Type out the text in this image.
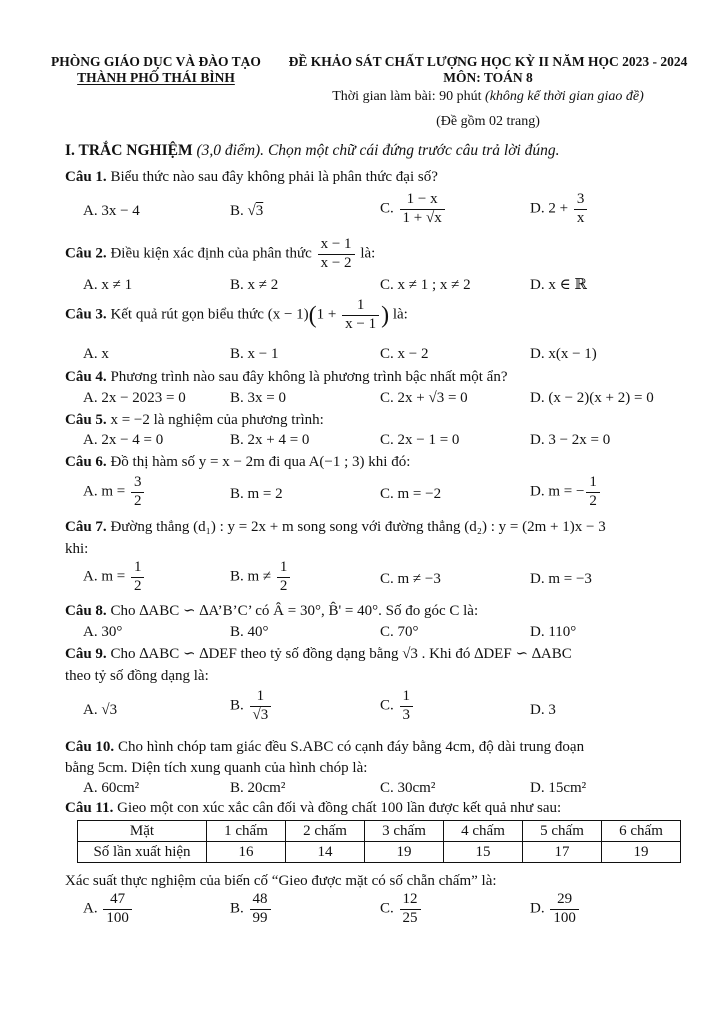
PHÒNG GIÁO DỤC VÀ ĐÀO TẠO
THÀNH PHỐ THÁI BÌNH
ĐỀ KHẢO SÁT CHẤT LƯỢNG HỌC KỲ II NĂM HỌC 2023 - 2024
MÔN: TOÁN 8
Thời gian làm bài: 90 phút (không kể thời gian giao đề)
(Đề gồm 02 trang)
I. TRẮC NGHIỆM (3,0 điểm). Chọn một chữ cái đứng trước câu trả lời đúng.
Câu 1. Biểu thức nào sau đây không phải là phân thức đại số?
A. 3x − 4	B. √3	C. $\frac{1 - x}{1 + √x}$	D. $2 + \frac{3}{x}$
Câu 2. Điều kiện xác định của phân thức $\frac{x - 1}{x - 2}$ là:
A. x ≠ 1	B. x ≠ 2	C. x ≠ 1 ; x ≠ 2	D. x ∈ ℝ
Câu 3. Kết quả rút gọn biểu thức $(x - 1)(1 + \frac{1}{x - 1}$ ) là:
A. x	B. x − 1	C. x − 2	D. x(x − 1)
Câu 4. Phương trình nào sau đây không là phương trình bậc nhất một ẩn?
A. 2x − 2023 = 0	B. 3x = 0	C. 2x + √3 = 0	D. (x − 2)(x + 2) = 0
Câu 5. x = −2 là nghiệm của phương trình:
A. 2x − 4 = 0	B. 2x + 4 = 0	C. 2x − 1 = 0	D. 3 − 2x = 0
Câu 6. Đồ thị hàm số y = x − 2m đi qua A(−1 ; 3) khi đó:
A. $m = \frac{3}{2}$	B. m = 2	C. m = −2	D. m = − $\frac{1}{2}$
Câu 7. Đường thẳng (d₁) : y = 2x + m song song với đường thẳng (d₂) : y = (2m + 1)x − 3
khi:
A. $m = \frac{1}{2}$	B. $m \ne \frac{1}{2}$	C. m ≠ −3	D. m = −3
Câu 8. Cho ∆ABC ∽ ∆A’B’C’ có Â = 30°, B̂' = 40°. Số đo góc C là:
A. 30°	B. 40°	C. 70°	D. 110°
Câu 9. Cho ∆ABC ∽ ∆DEF theo tỷ số đồng dạng bằng √3 . Khi đó ∆DEF ∽ ∆ABC
theo tỷ số đồng dạng là:
A. √3	B. $\frac{1}{√3}$	C. $\frac{1}{3}$	D. 3
Câu 10. Cho hình chóp tam giác đều S.ABC có cạnh đáy bằng 4cm, độ dài trung đoạn
bằng 5cm. Diện tích xung quanh của hình chóp là:
A. 60cm²	B. 20cm²	C. 30cm²	D. 15cm²
Câu 11. Gieo một con xúc xắc cân đối và đồng chất 100 lần được kết quả như sau:
Mặt	1 chấm	2 chấm	3 chấm	4 chấm	5 chấm	6 chấm
Số lần xuất hiện	16	14	19	15	17	19
Xác suất thực nghiệm của biến cố “Gieo được mặt có số chẵn chấm” là:
A. $\frac{47}{100}$	B. $\frac{48}{99}$	C. $\frac{12}{25}$	D. $\frac{29}{100}$
